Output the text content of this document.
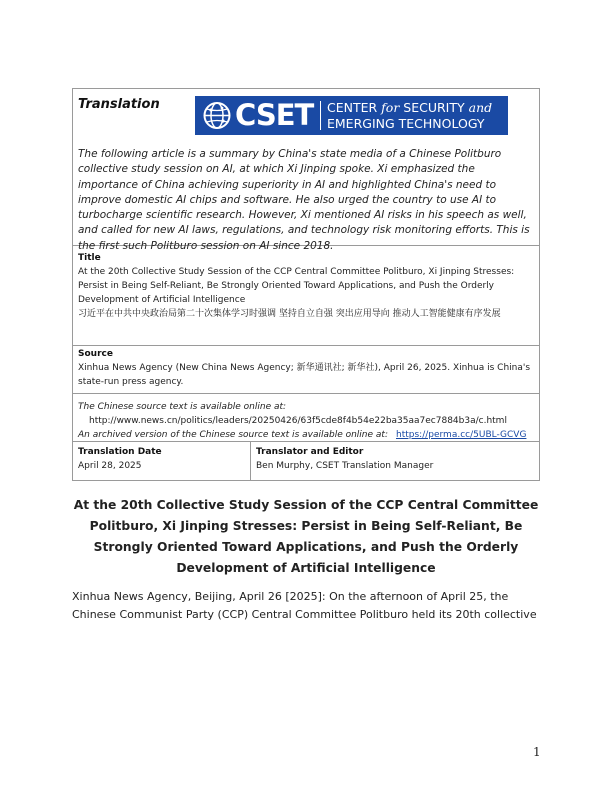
Translation	CSET CENTER for SECURITY and
EMERGING TECHNOLOGY
The following article is a summary by China's state media of a Chinese Politburo collective study session on AI, at which Xi Jinping spoke. Xi emphasized the importance of China achieving superiority in AI and highlighted China's need to improve domestic AI chips and software. He also urged the country to use AI to turbocharge scientific research. However, Xi mentioned AI risks in his speech as well, and called for new AI laws, regulations, and technology risk monitoring efforts. This is the first such Politburo session on AI since 2018.
Title
At the 20th Collective Study Session of the CCP Central Committee Politburo, Xi Jinping Stresses: Persist in Being Self-Reliant, Be Strongly Oriented Toward Applications, and Push the Orderly Development of Artificial Intelligence
习近平在中共中央政治局第二十次集体学习时强调 坚持自立自强 突出应用导向 推动人工智能健康有序发展
Source
Xinhua News Agency (New China News Agency; 新华通讯社; 新华社), April 26, 2025. Xinhua is China's state-run press agency.
The Chinese source text is available online at:
http://www.news.cn/politics/leaders/20250426/63f5cde8f4b54e22ba35aa7ec7884b3a/c.html
An archived version of the Chinese source text is available online at: https://perma.cc/5UBL-GCVG
Translation Date
April 28, 2025
Translator and Editor
Ben Murphy, CSET Translation Manager
At the 20th Collective Study Session of the CCP Central Committee Politburo, Xi Jinping Stresses: Persist in Being Self-Reliant, Be Strongly Oriented Toward Applications, and Push the Orderly Development of Artificial Intelligence
Xinhua News Agency, Beijing, April 26 [2025]: On the afternoon of April 25, the Chinese Communist Party (CCP) Central Committee Politburo held its 20th collective
1
